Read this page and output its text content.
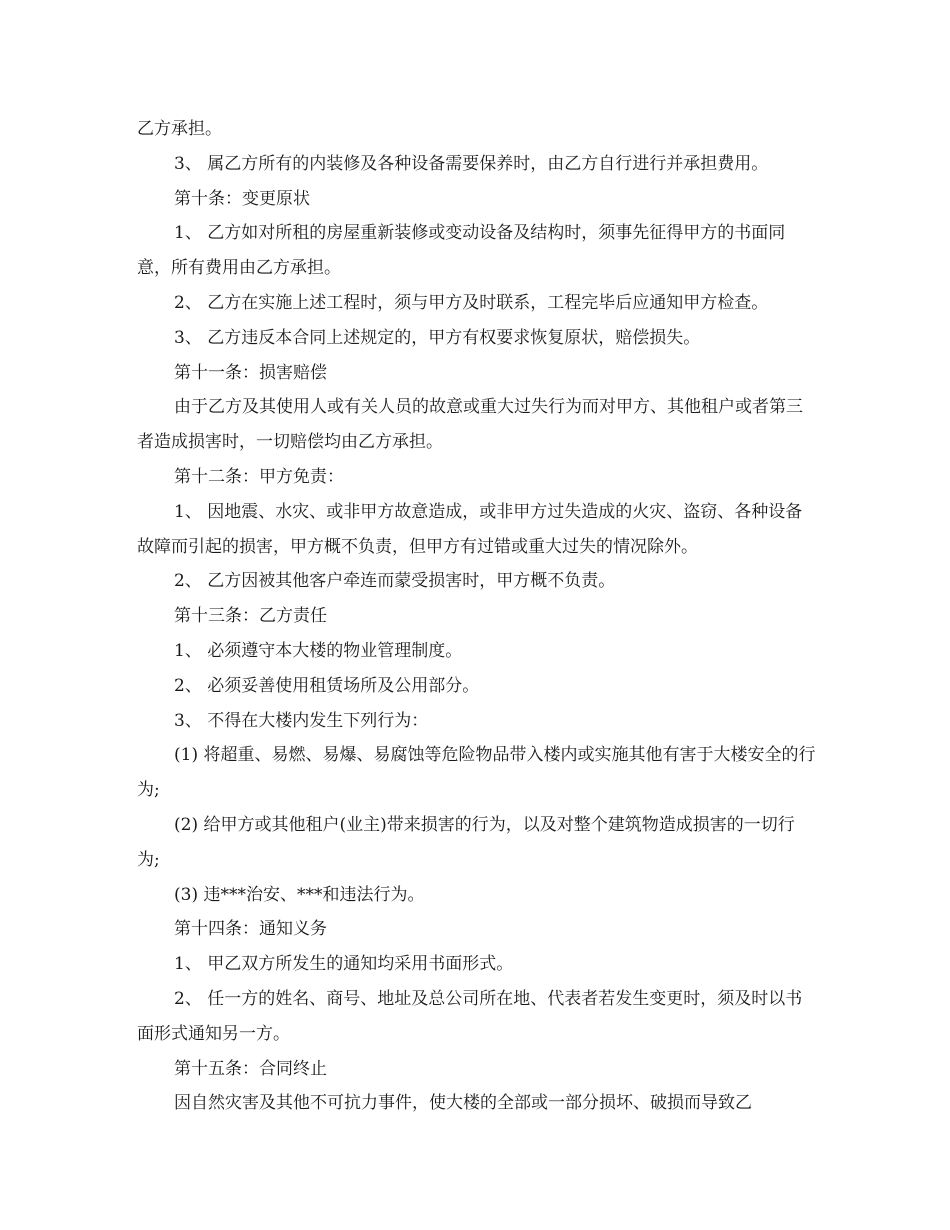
乙方承担。

3、 属乙方所有的内装修及各种设备需要保养时，由乙方自行进行并承担费用。

第十条：变更原状

1、 乙方如对所租的房屋重新装修或变动设备及结构时，须事先征得甲方的书面同意，所有费用由乙方承担。

2、 乙方在实施上述工程时，须与甲方及时联系，工程完毕后应通知甲方检查。

3、 乙方违反本合同上述规定的，甲方有权要求恢复原状，赔偿损失。

第十一条：损害赔偿

由于乙方及其使用人或有关人员的故意或重大过失行为而对甲方、其他租户或者第三者造成损害时，一切赔偿均由乙方承担。

第十二条：甲方免责：

1、 因地震、水灾、或非甲方故意造成，或非甲方过失造成的火灾、盗窃、各种设备故障而引起的损害，甲方概不负责，但甲方有过错或重大过失的情况除外。

2、 乙方因被其他客户牵连而蒙受损害时，甲方概不负责。

第十三条：乙方责任

1、 必须遵守本大楼的物业管理制度。

2、 必须妥善使用租赁场所及公用部分。

3、 不得在大楼内发生下列行为：

(1) 将超重、易燃、易爆、易腐蚀等危险物品带入楼内或实施其他有害于大楼安全的行为;

(2) 给甲方或其他租户(业主)带来损害的行为，以及对整个建筑物造成损害的一切行为;

(3) 违***治安、***和违法行为。

第十四条：通知义务

1、 甲乙双方所发生的通知均采用书面形式。

2、 任一方的姓名、商号、地址及总公司所在地、代表者若发生变更时，须及时以书面形式通知另一方。

第十五条：合同终止

因自然灾害及其他不可抗力事件，使大楼的全部或一部分损坏、破损而导致乙
